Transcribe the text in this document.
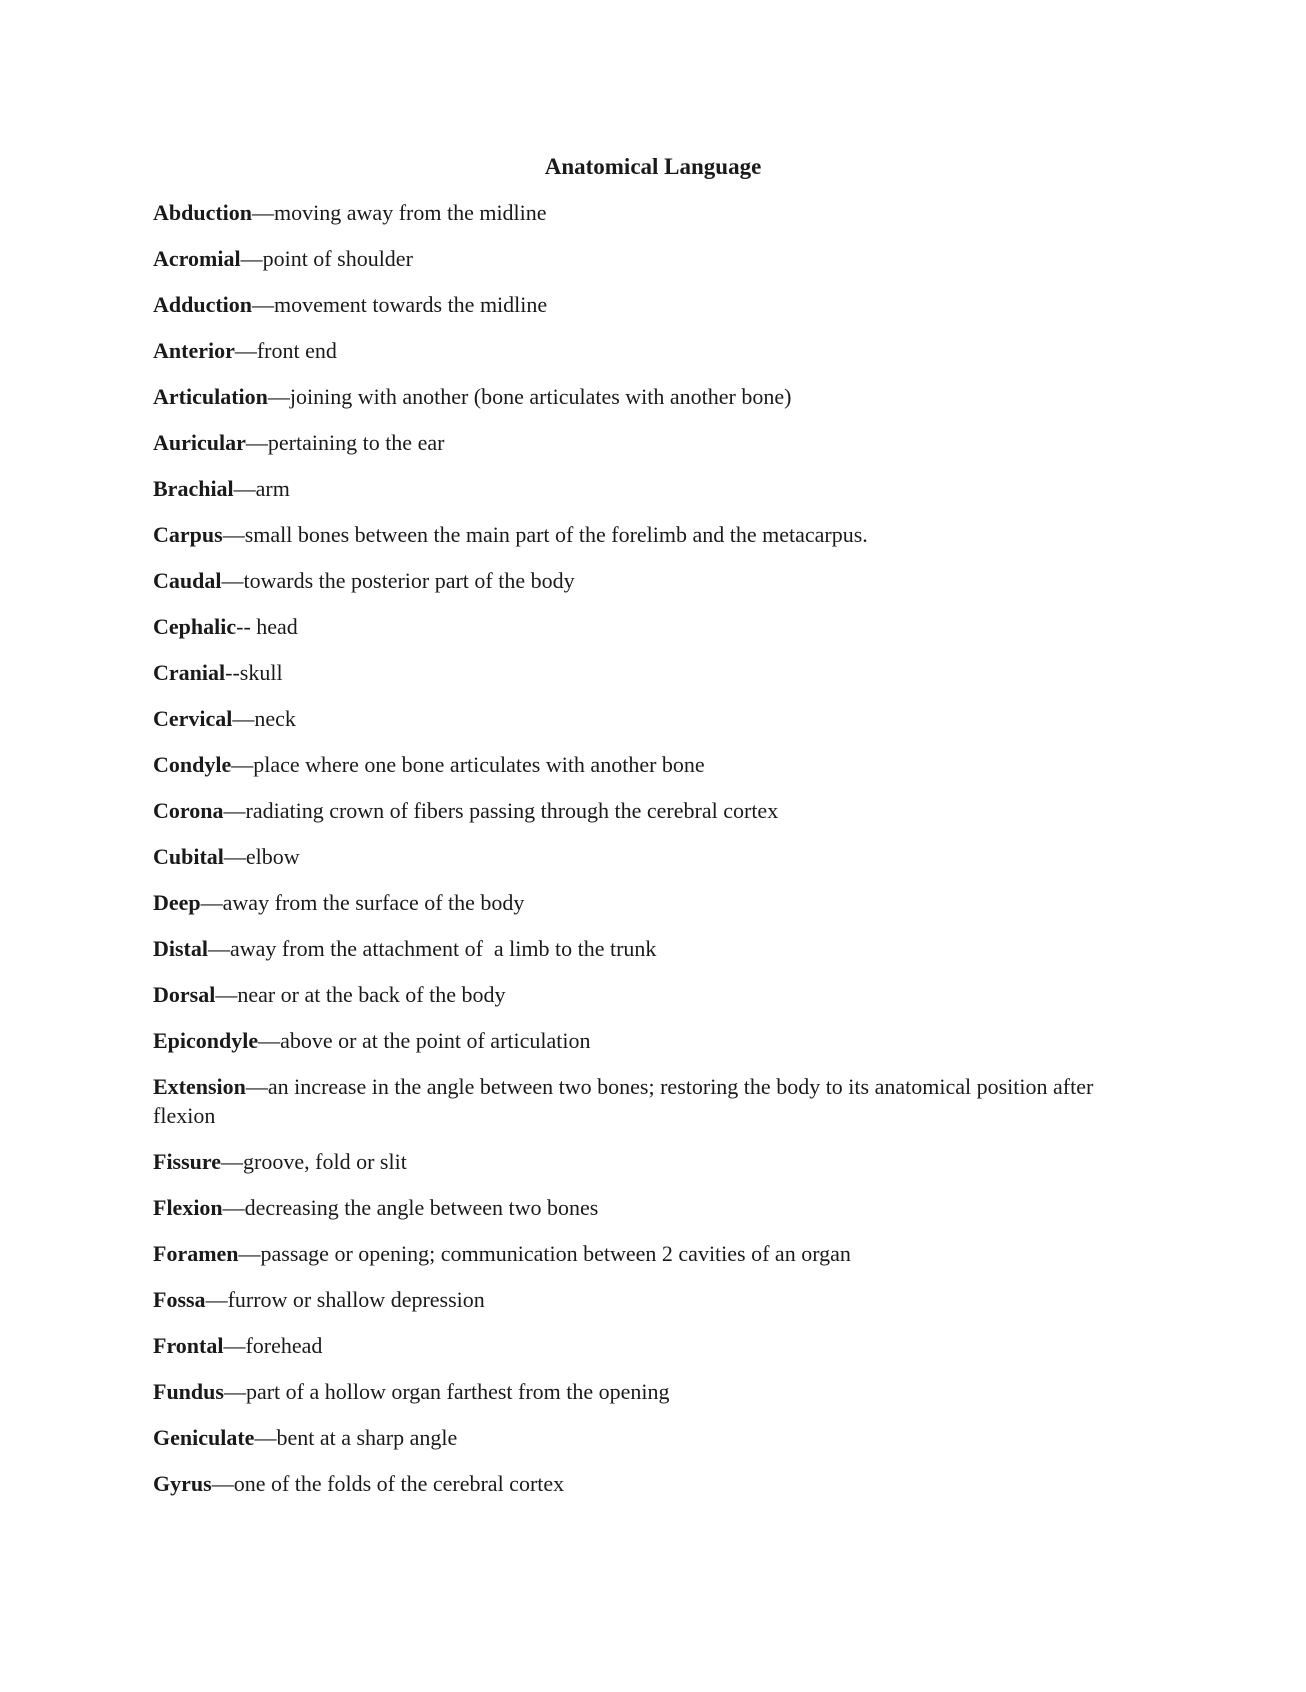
Anatomical Language
Abduction—moving away from the midline
Acromial—point of shoulder
Adduction—movement towards the midline
Anterior—front end
Articulation—joining with another (bone articulates with another bone)
Auricular—pertaining to the ear
Brachial—arm
Carpus—small bones between the main part of the forelimb and the metacarpus.
Caudal—towards the posterior part of the body
Cephalic-- head
Cranial--skull
Cervical—neck
Condyle—place where one bone articulates with another bone
Corona—radiating crown of fibers passing through the cerebral cortex
Cubital—elbow
Deep—away from the surface of the body
Distal—away from the attachment of  a limb to the trunk
Dorsal—near or at the back of the body
Epicondyle—above or at the point of articulation
Extension—an increase in the angle between two bones; restoring the body to its anatomical position after flexion
Fissure—groove, fold or slit
Flexion—decreasing the angle between two bones
Foramen—passage or opening; communication between 2 cavities of an organ
Fossa—furrow or shallow depression
Frontal—forehead
Fundus—part of a hollow organ farthest from the opening
Geniculate—bent at a sharp angle
Gyrus—one of the folds of the cerebral cortex
